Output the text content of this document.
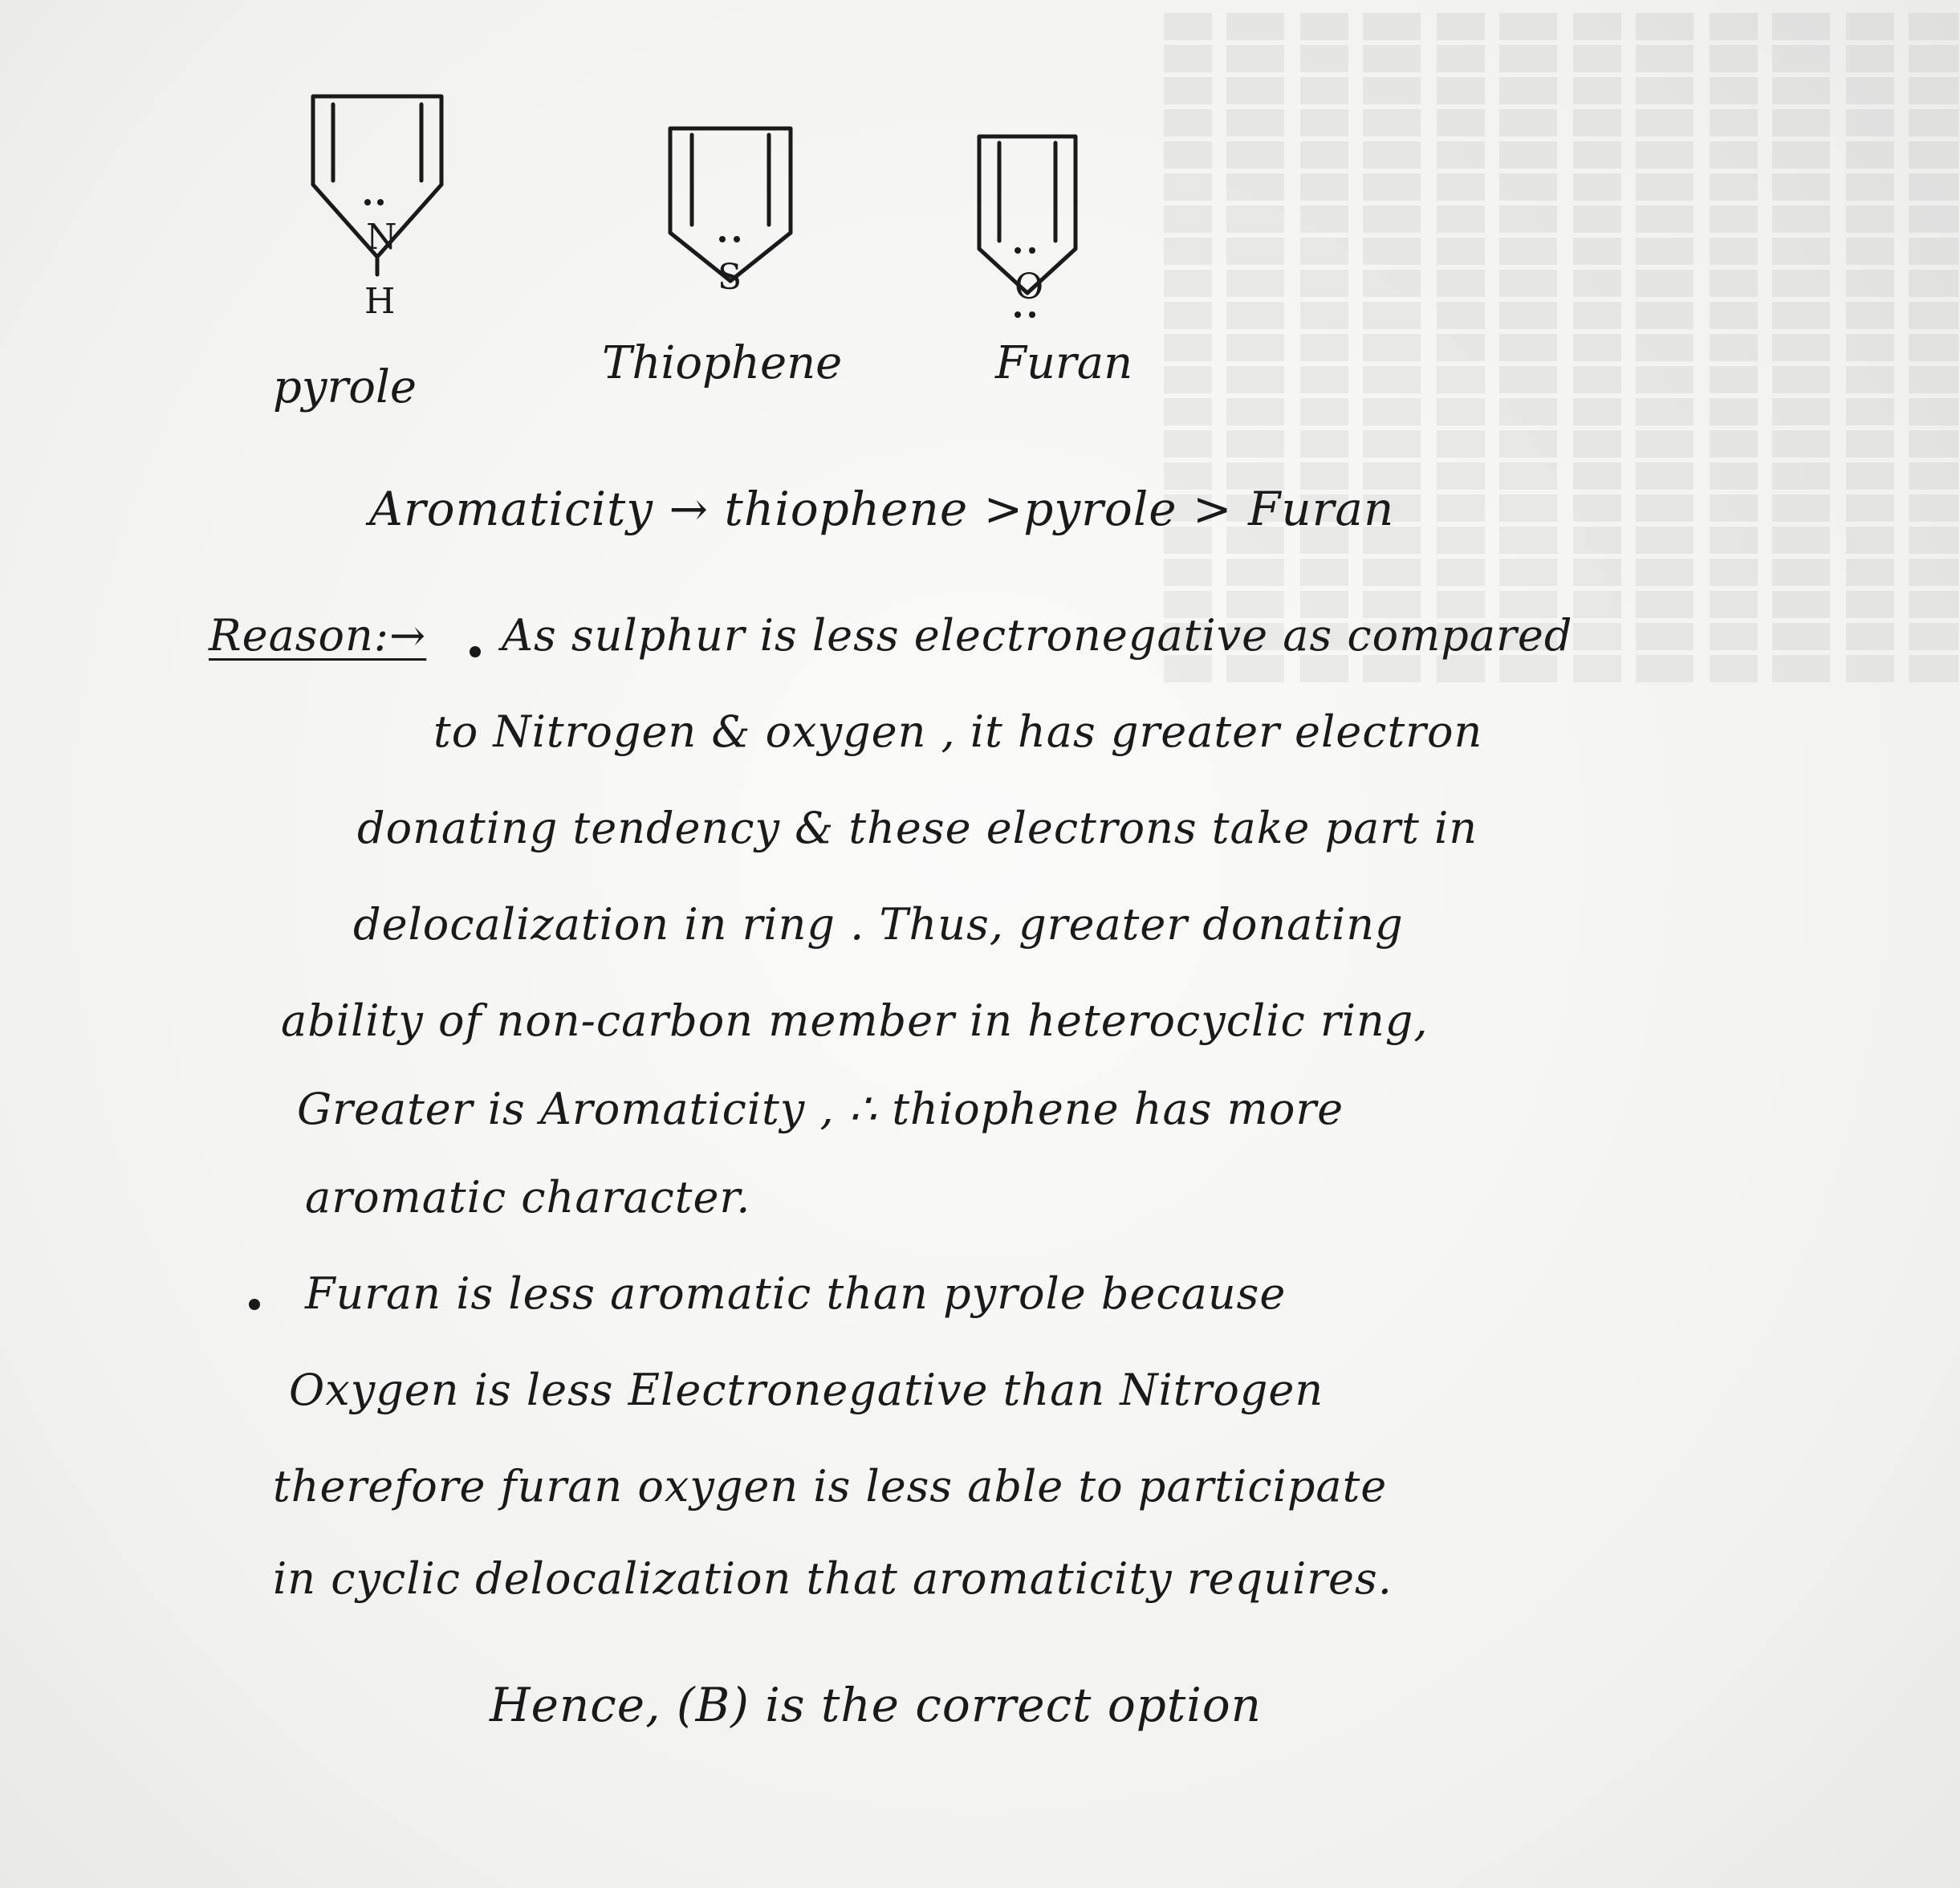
N
H
pyrole
S
Thiophene
O
Furan
Aromaticity → thiophene >pyrole > Furan
Reason:→ As sulphur is less electronegative as compared
to Nitrogen & oxygen , it has greater electron
donating tendency & these electrons take part in
delocalization in ring . Thus, greater donating
ability of non-carbon member in heterocyclic ring,
Greater is Aromaticity , ∴ thiophene has more
aromatic character.
Furan is less aromatic than pyrole because
Oxygen is less Electronegative than Nitrogen
therefore furan oxygen is less able to participate
in cyclic delocalization that aromaticity requires.
Hence, (B) is the correct option
